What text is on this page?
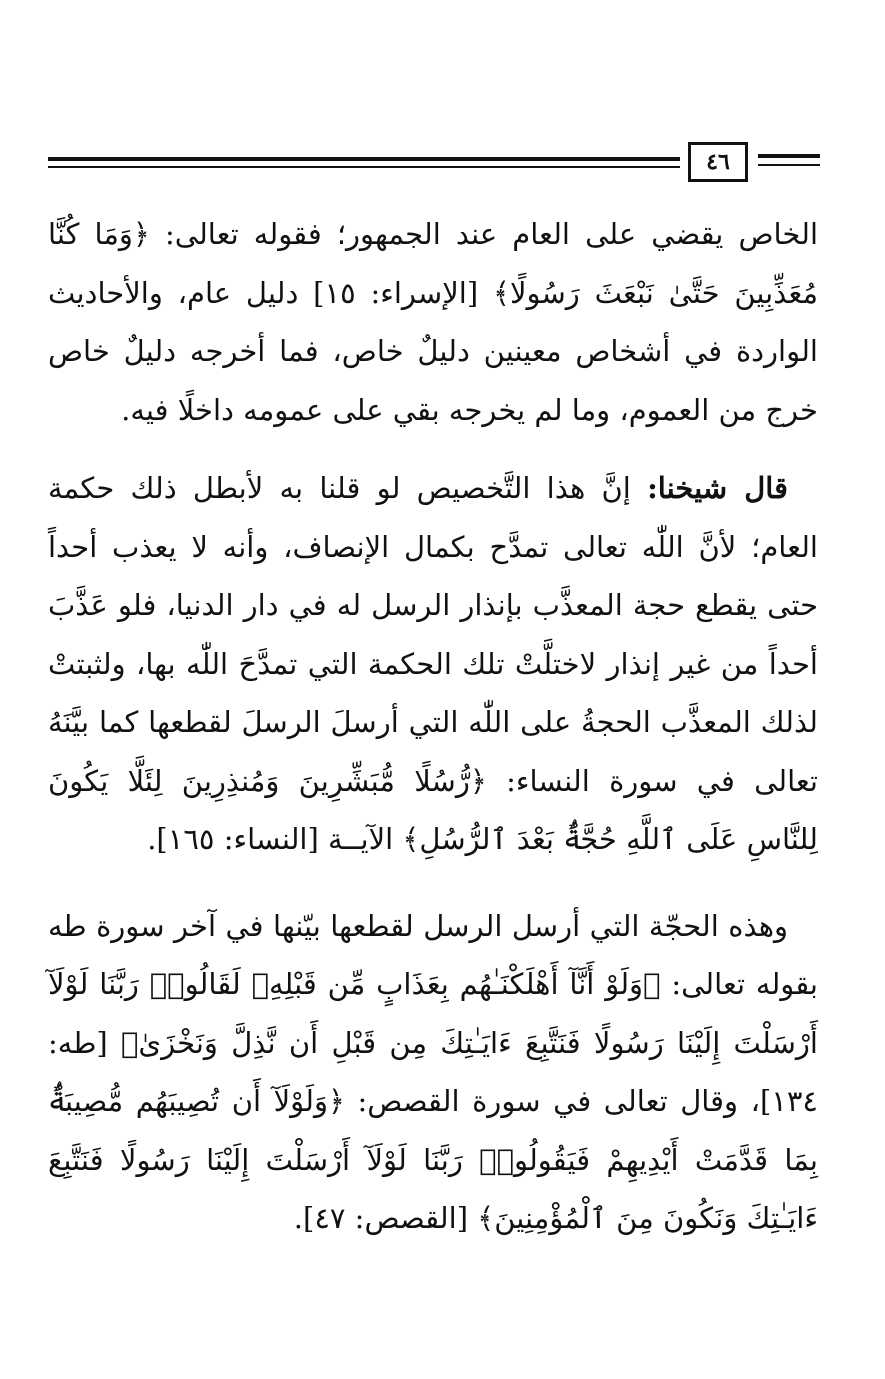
٤٦

الخاص يقضي على العام عند الجمهور؛ فقوله تعالى: ﴿وَمَا كُنَّا مُعَذِّبِينَ حَتَّىٰ نَبْعَثَ رَسُولًا﴾ [الإسراء: ١٥] دليل عام، والأحاديث الواردة في أشخاص معينين دليلٌ خاص، فما أخرجه دليلٌ خاص خرج من العموم، وما لم يخرجه بقي على عمومه داخلًا فيه.

قال شيخنا: إنَّ هذا التَّخصيص لو قلنا به لأبطل ذلك حكمة العام؛ لأنَّ اللّٰه تعالى تمدَّح بكمال الإنصاف، وأنه لا يعذب أحداً حتى يقطع حجة المعذَّب بإنذار الرسل له في دار الدنيا، فلو عَذَّبَ أحداً من غير إنذار لاختلَّتْ تلك الحكمة التي تمدَّحَ اللّٰه بها، ولثبتتْ لذلك المعذَّب الحجةُ على اللّٰه التي أرسلَ الرسلَ لقطعها كما بيَّنَهُ تعالى في سورة النساء: ﴿رُّسُلًا مُّبَشِّرِينَ وَمُنذِرِينَ لِئَلَّا يَكُونَ لِلنَّاسِ عَلَى ٱللَّهِ حُجَّةٌۢ بَعْدَ ٱلرُّسُلِ﴾ الآيــة [النساء: ١٦٥].

وهذه الحجّة التي أرسل الرسل لقطعها بيّنها في آخر سورة طه بقوله تعالى: ﴿وَلَوْ أَنَّآ أَهْلَكْنَـٰهُم بِعَذَابٍ مِّن قَبْلِهِۦ لَقَالُوا۟ رَبَّنَا لَوْلَآ أَرْسَلْتَ إِلَيْنَا رَسُولًا فَنَتَّبِعَ ءَايَـٰتِكَ مِن قَبْلِ أَن نَّذِلَّ وَنَخْزَىٰ﴾ [طه: ١٣٤]، وقال تعالى في سورة القصص: ﴿وَلَوْلَآ أَن تُصِيبَهُم مُّصِيبَةٌۢ بِمَا قَدَّمَتْ أَيْدِيهِمْ فَيَقُولُوا۟ رَبَّنَا لَوْلَآ أَرْسَلْتَ إِلَيْنَا رَسُولًا فَنَتَّبِعَ ءَايَـٰتِكَ وَنَكُونَ مِنَ ٱلْمُؤْمِنِينَ﴾ [القصص: ٤٧].
